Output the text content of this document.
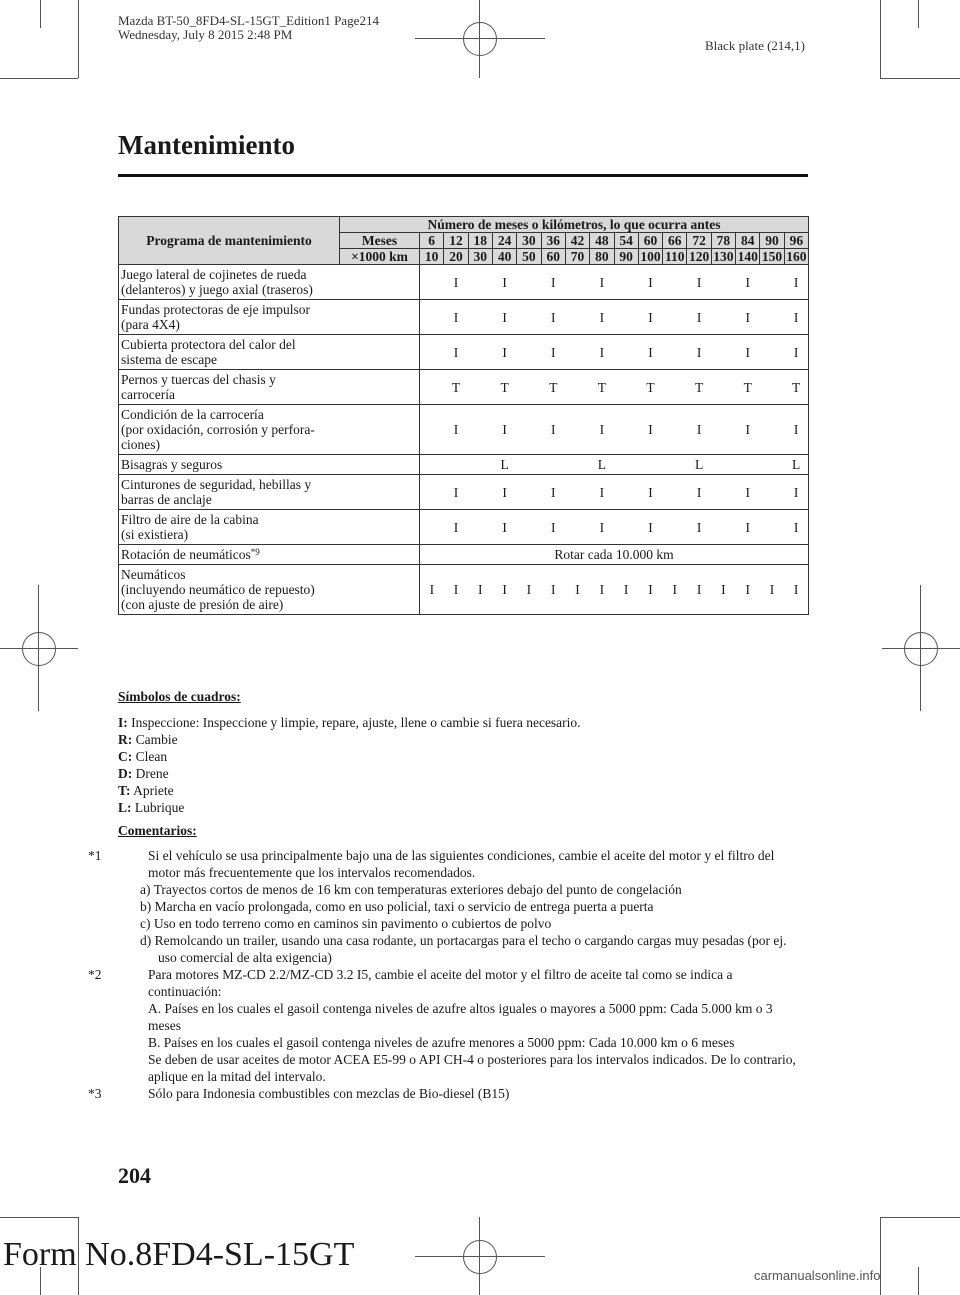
Mazda BT-50_8FD4-SL-15GT_Edition1 Page214
Wednesday, July 8 2015 2:48 PM
Black plate (214,1)
Mantenimiento
Programa de mantenimiento	Número de meses o kilómetros, lo que ocurra antes																
	Meses	6	12	18	24	30	36	42	48	54	60	66	72	78	84	90	96
	×1000 km	10	20	30	40	50	60	70	80	90	100	110	120	130	140	150	160
Juego lateral de cojinetes de rueda
(delanteros) y juego axial (traseros)			I		I		I		I		I		I		I		I
Fundas protectoras de eje impulsor
(para 4X4)			I		I		I		I		I		I		I		I
Cubierta protectora del calor del
sistema de escape			I		I		I		I		I		I		I		I
Pernos y tuercas del chasis y
carrocería			T		T		T		T		T		T		T		T
Condición de la carrocería
(por oxidación, corrosión y perfora-
ciones)			I		I		I		I		I		I		I		I
Bisagras y seguros					L				L				L				L
Cinturones de seguridad, hebillas y
barras de anclaje			I		I		I		I		I		I		I		I
Filtro de aire de la cabina
(si existiera)			I		I		I		I		I		I		I		I
Rotación de neumáticos$^{*9}$		Rotar cada 10.000 km															
Neumáticos
(incluyendo neumático de repuesto)
(con ajuste de presión de aire)		I	I	I	I	I	I	I	I	I	I	I	I	I	I	I	I

Símbolos de cuadros:

I: Inspeccione: Inspeccione y limpie, repare, ajuste, llene o cambie si fuera necesario.

R: Cambie

C: Clean

D: Drene

T: Apriete

L: Lubrique

Comentarios:

*1	Si el vehículo se usa principalmente bajo una de las siguientes condiciones, cambie el aceite del motor y el filtro del motor más frecuentemente que los intervalos recomendados.

a) Trayectos cortos de menos de 16 km con temperaturas exteriores debajo del punto de congelación

b) Marcha en vacío prolongada, como en uso policial, taxi o servicio de entrega puerta a puerta

c) Uso en todo terreno como en caminos sin pavimento o cubiertos de polvo

d) Remolcando un trailer, usando una casa rodante, un portacargas para el techo o cargando cargas muy pesadas (por ej. uso comercial de alta exigencia)

*2	Para motores MZ-CD 2.2/MZ-CD 3.2 I5, cambie el aceite del motor y el filtro de aceite tal como se indica a continuación:

A. Países en los cuales el gasoil contenga niveles de azufre altos iguales o mayores a 5000 ppm: Cada 5.000 km o 3 meses

B. Países en los cuales el gasoil contenga niveles de azufre menores a 5000 ppm: Cada 10.000 km o 6 meses

Se deben de usar aceites de motor ACEA E5-99 o API CH-4 o posteriores para los intervalos indicados. De lo contrario, aplique en la mitad del intervalo.

*3	Sólo para Indonesia combustibles con mezclas de Bio-diesel (B15)
204
Form No.8FD4-SL-15GT
carmanualsonline.info
